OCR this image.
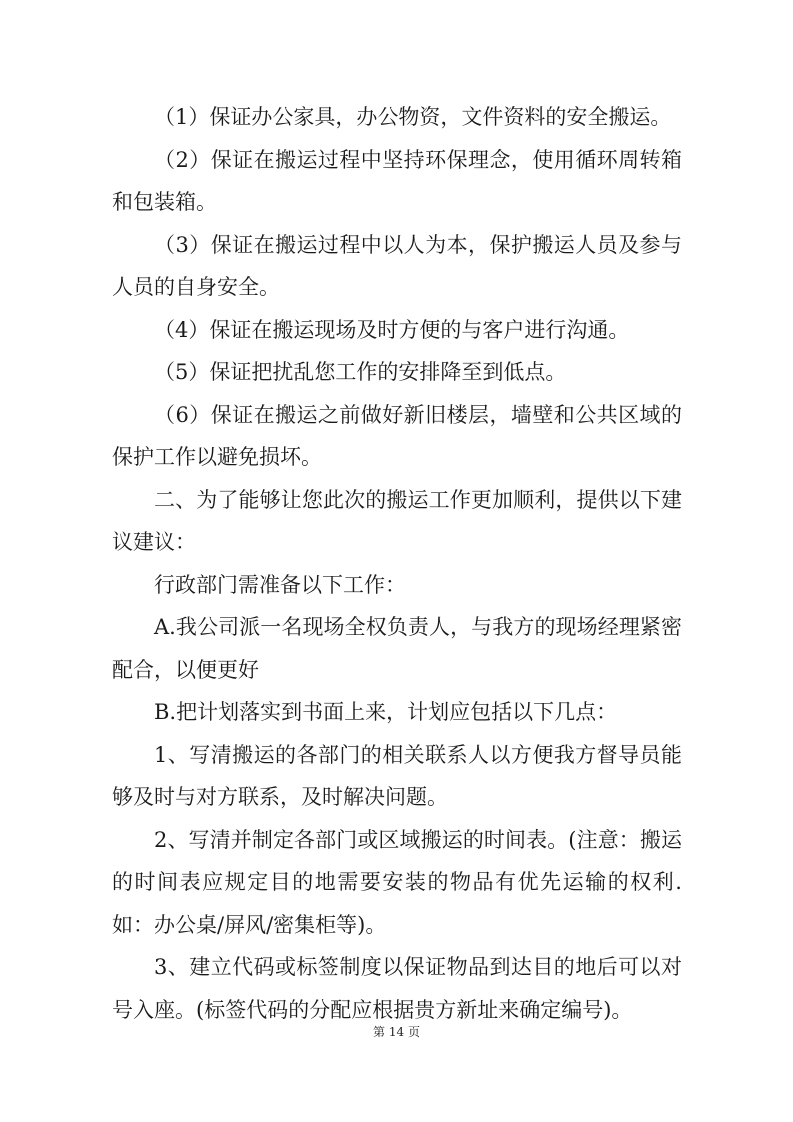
（1）保证办公家具，办公物资，文件资料的安全搬运。

（2）保证在搬运过程中坚持环保理念，使用循环周转箱和包装箱。

（3）保证在搬运过程中以人为本，保护搬运人员及参与人员的自身安全。

（4）保证在搬运现场及时方便的与客户进行沟通。

（5）保证把扰乱您工作的安排降至到低点。

（6）保证在搬运之前做好新旧楼层，墙壁和公共区域的保护工作以避免损坏。

二、为了能够让您此次的搬运工作更加顺利，提供以下建议建议：

行政部门需准备以下工作：

A.我公司派一名现场全权负责人，与我方的现场经理紧密配合，以便更好

B.把计划落实到书面上来，计划应包括以下几点：

1、写清搬运的各部门的相关联系人以方便我方督导员能够及时与对方联系，及时解决问题。

2、写清并制定各部门或区域搬运的时间表。(注意：搬运的时间表应规定目的地需要安装的物品有优先运输的权利.如：办公桌/屏风/密集柜等)。

3、建立代码或标签制度以保证物品到达目的地后可以对号入座。(标签代码的分配应根据贵方新址来确定编号)。

第 14 页
